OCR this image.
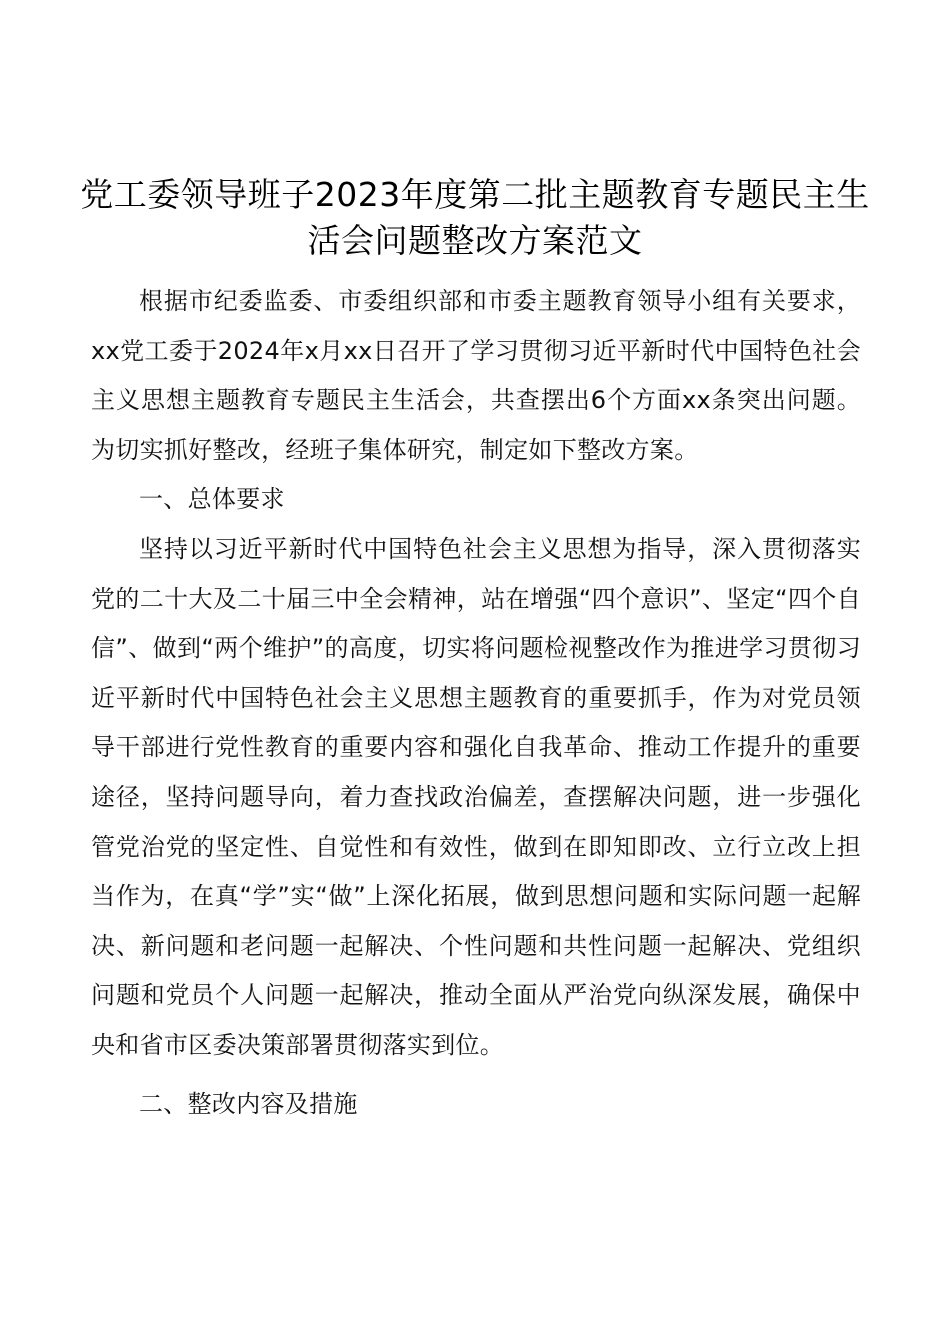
党工委领导班子2023年度第二批主题教育专题民主生活会问题整改方案范文

根据市纪委监委、市委组织部和市委主题教育领导小组有关要求，xx党工委于2024年x月xx日召开了学习贯彻习近平新时代中国特色社会主义思想主题教育专题民主生活会，共查摆出6个方面xx条突出问题。为切实抓好整改，经班子集体研究，制定如下整改方案。

一、总体要求

坚持以习近平新时代中国特色社会主义思想为指导，深入贯彻落实党的二十大及二十届三中全会精神，站在增强“四个意识”、坚定“四个自信”、做到“两个维护”的高度，切实将问题检视整改作为推进学习贯彻习近平新时代中国特色社会主义思想主题教育的重要抓手，作为对党员领导干部进行党性教育的重要内容和强化自我革命、推动工作提升的重要途径，坚持问题导向，着力查找政治偏差，查摆解决问题，进一步强化管党治党的坚定性、自觉性和有效性，做到在即知即改、立行立改上担当作为，在真“学”实“做”上深化拓展，做到思想问题和实际问题一起解决、新问题和老问题一起解决、个性问题和共性问题一起解决、党组织问题和党员个人问题一起解决，推动全面从严治党向纵深发展，确保中央和省市区委决策部署贯彻落实到位。

二、整改内容及措施
